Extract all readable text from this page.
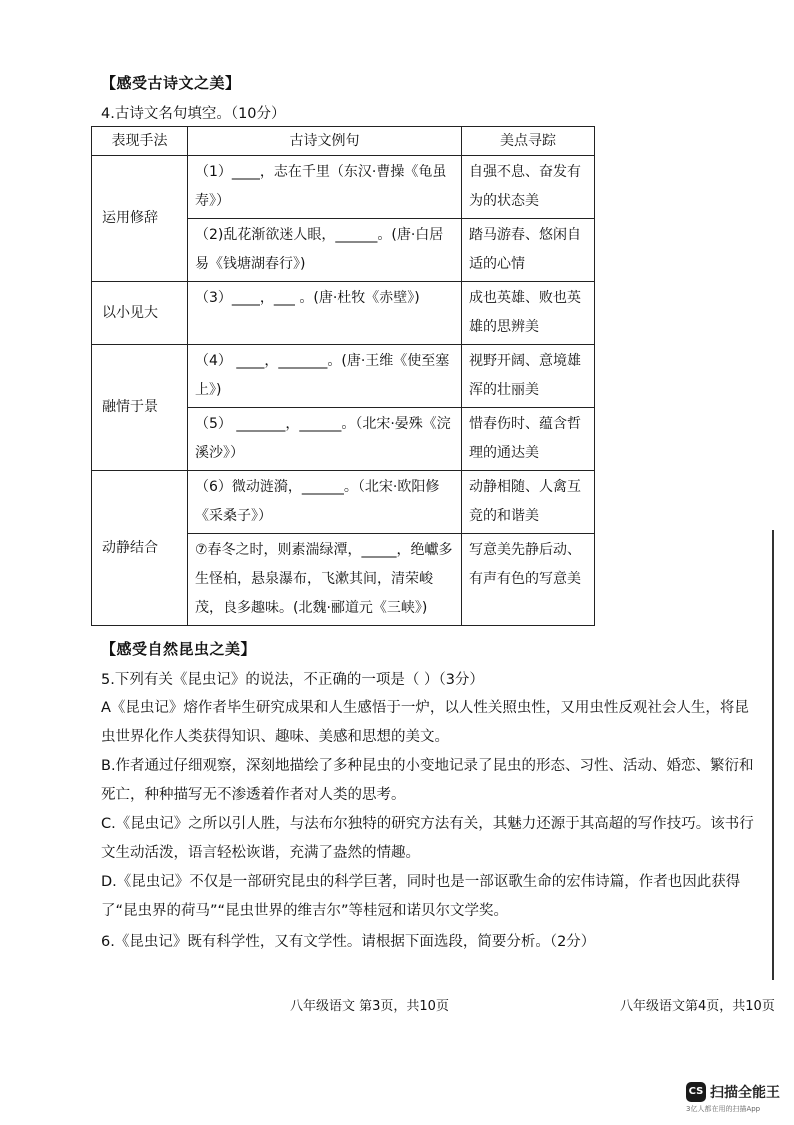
【感受古诗文之美】
4.古诗文名句填空。（10分）
表现手法	古诗文例句	美点寻踪
运用修辞	（1）____，志在千里（东汉·曹操《龟虽寿》）	自强不息、奋发有为的状态美
	（2)乱花渐欲迷人眼，______。(唐·白居易《钱塘湖春行》)	踏马游春、悠闲自适的心情
以小见大	（3）____，___ 。(唐·杜牧《赤壁》)	成也英雄、败也英雄的思辨美
融情于景	（4） ____，_______。(唐·王维《使至塞上》)	视野开阔、意境雄浑的壮丽美
	（5） _______，______。（北宋·晏殊《浣溪沙》）	惜春伤时、蕴含哲理的通达美
动静结合	（6）微动涟漪，______。（北宋·欧阳修《采桑子》）	动静相随、人禽互竞的和谐美
	⑦春冬之时，则素湍绿潭，_____，绝巘多生怪柏，悬泉瀑布，飞漱其间，清荣峻茂，良多趣味。(北魏·郦道元《三峡》)	写意美先静后动、有声有色的写意美
【感受自然昆虫之美】
5.下列有关《昆虫记》的说法，不正确的一项是（ ）（3分）
A《昆虫记》熔作者毕生研究成果和人生感悟于一炉，以人性关照虫性，又用虫性反观社会人生，将昆虫世界化作人类获得知识、趣味、美感和思想的美文。
B.作者通过仔细观察，深刻地描绘了多种昆虫的小变地记录了昆虫的形态、习性、活动、婚恋、繁衍和死亡，种种描写无不渗透着作者对人类的思考。
C.《昆虫记》之所以引人胜，与法布尔独特的研究方法有关，其魅力还源于其高超的写作技巧。该书行文生动活泼，语言轻松诙谐，充满了盎然的情趣。
D.《昆虫记》不仅是一部研究昆虫的科学巨著，同时也是一部讴歌生命的宏伟诗篇，作者也因此获得了“昆虫界的荷马”“昆虫世界的维吉尔”等桂冠和诺贝尔文学奖。
6.《昆虫记》既有科学性，又有文学性。请根据下面选段，简要分析。（2分）
八年级语文 第3页，共10页	八年级语文第4页，共10页
CS 扫描全能王
3亿人都在用的扫描App
